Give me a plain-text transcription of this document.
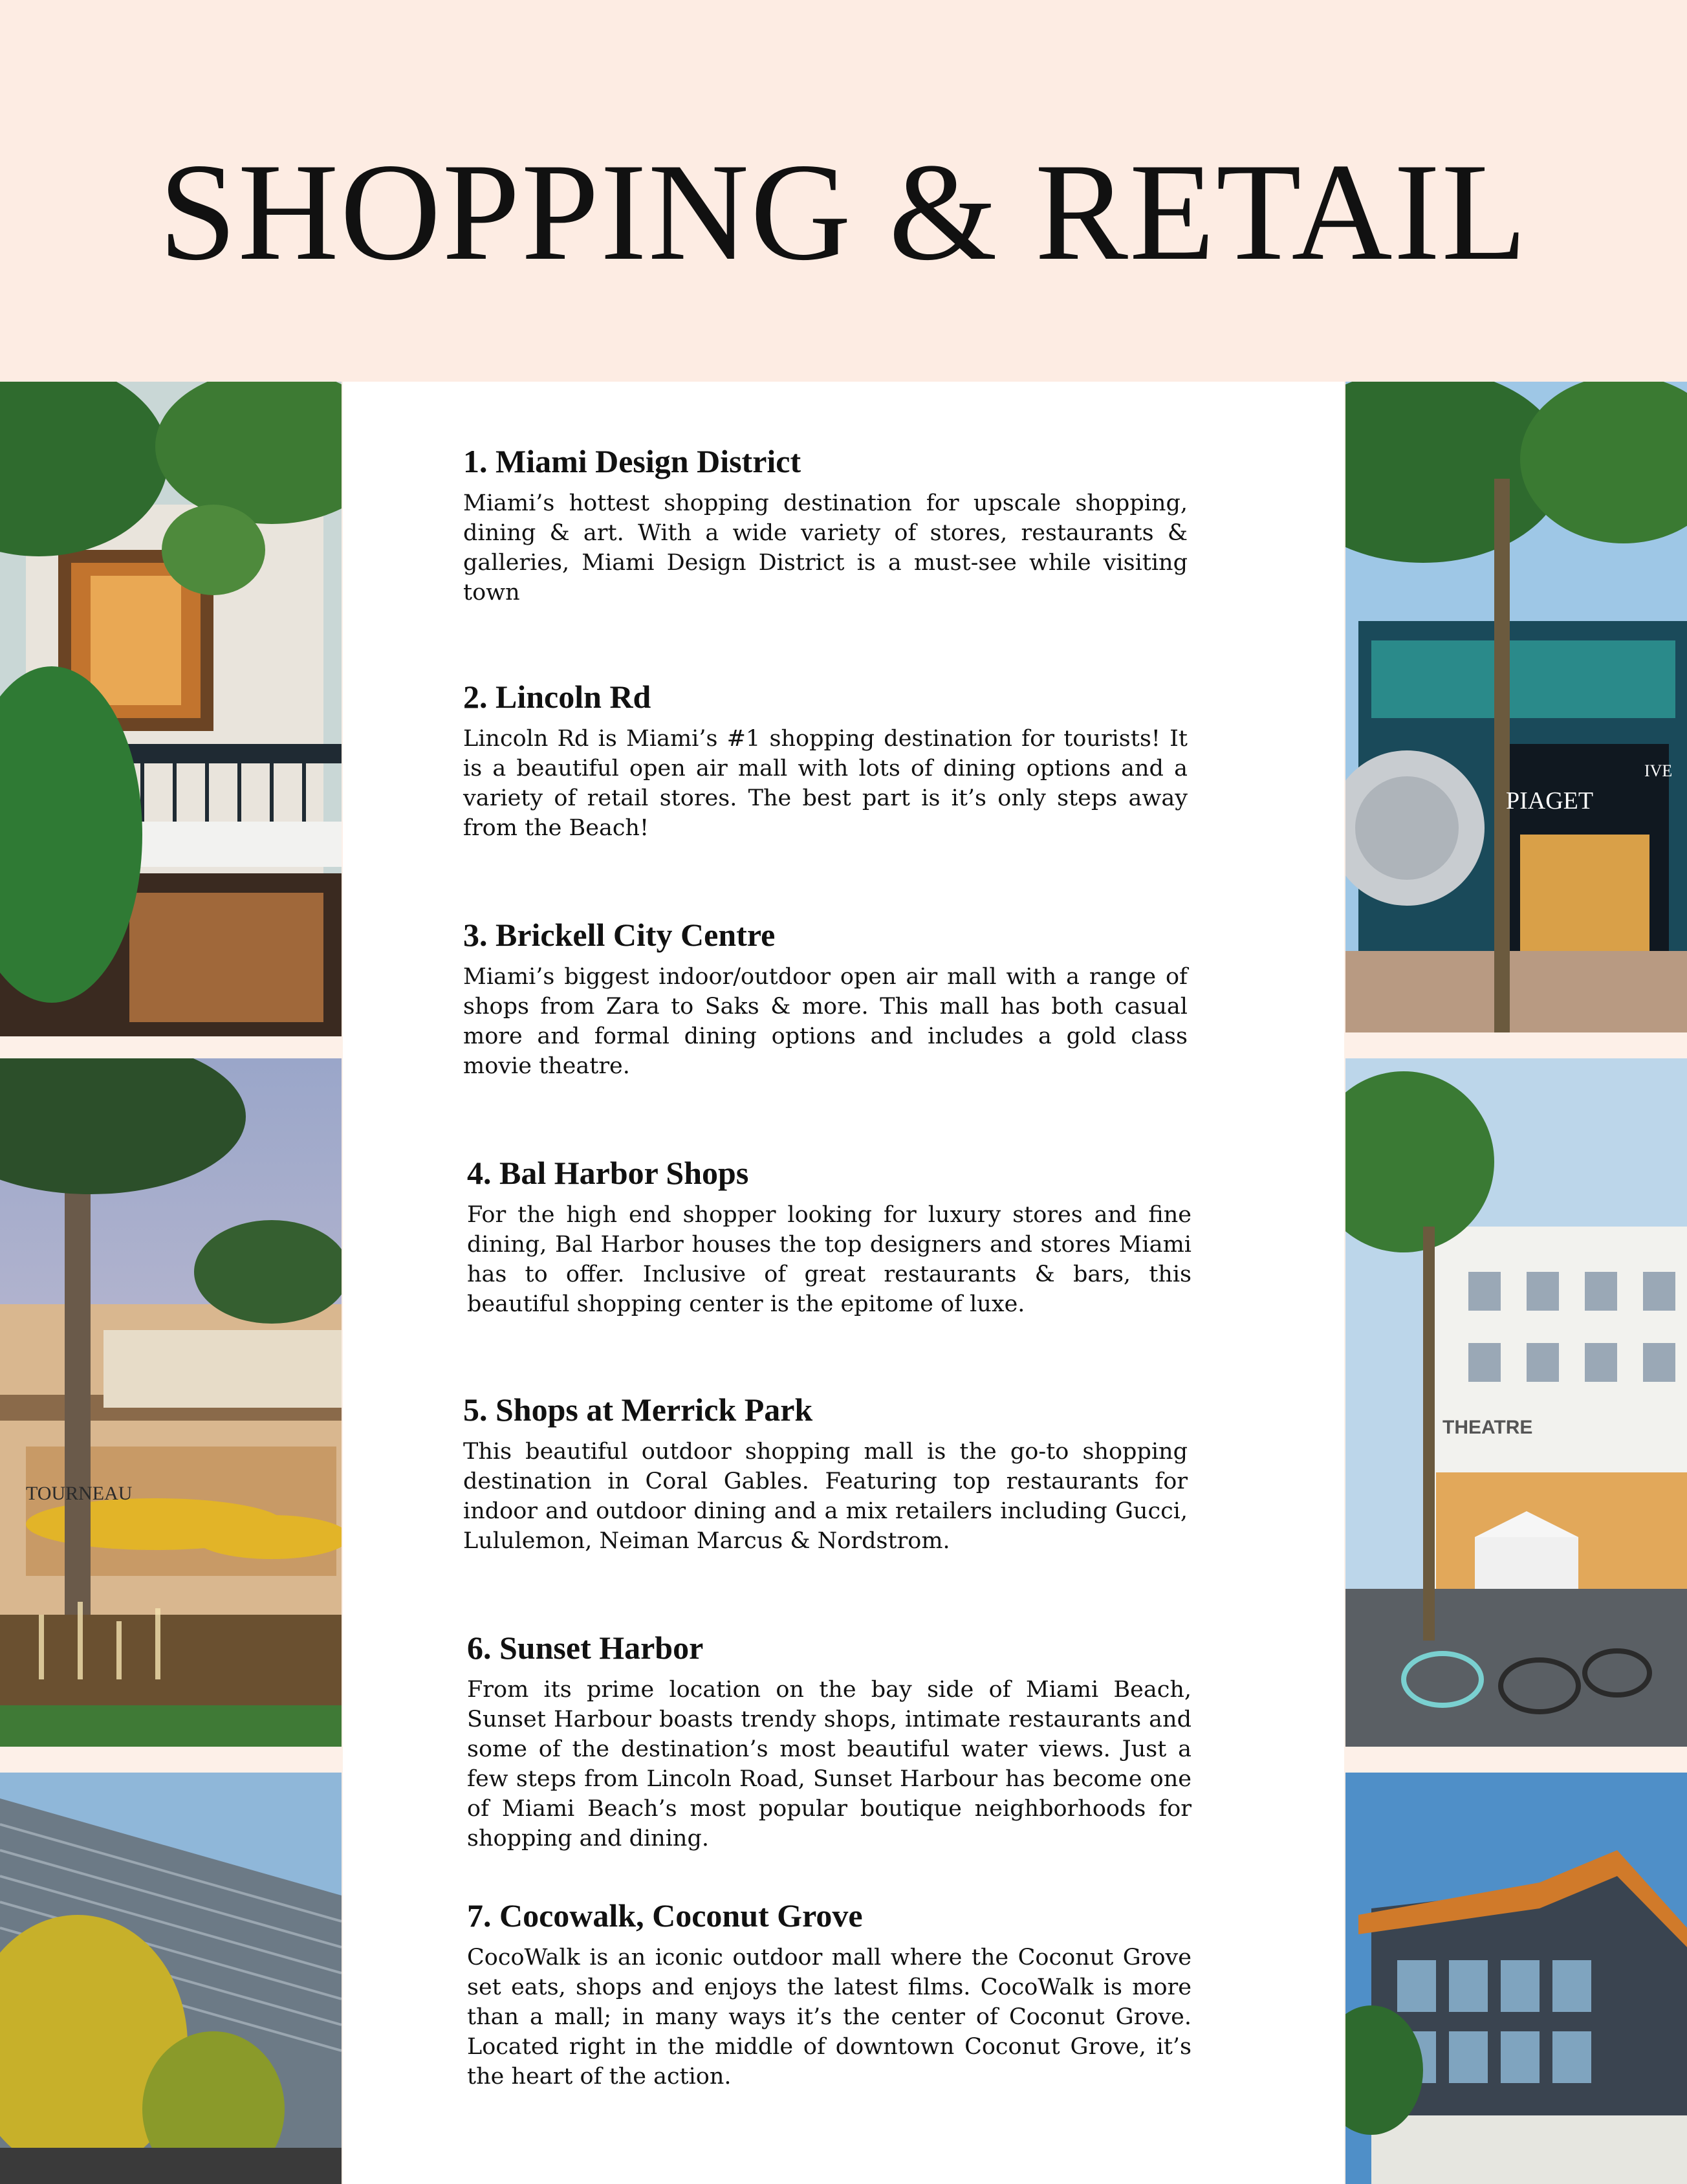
SHOPPING & RETAIL
TOURNEAU
PIAGET
IVE
THEATRE
1. Miami Design District

Miami’s hottest shopping destination for upscale shopping, dining & art. With a wide variety of stores, restaurants & galleries, Miami Design District is a must-see while visiting town

2. Lincoln Rd

Lincoln Rd is Miami’s #1 shopping destination for tourists! It is a beautiful open air mall with lots of dining options and a variety of retail stores. The best part is it’s only steps away from the Beach!

3. Brickell City Centre

Miami’s biggest indoor/outdoor open air mall with a range of shops from Zara to Saks & more. This mall has both casual more and formal dining options and includes a gold class movie theatre.

4. Bal Harbor Shops

For the high end shopper looking for luxury stores and fine dining, Bal Harbor houses the top designers and stores Miami has to offer. Inclusive of great restaurants & bars, this beautiful shopping center is the epitome of luxe.

5. Shops at Merrick Park

This beautiful outdoor shopping mall is the go-to shopping destination in Coral Gables. Featuring top restaurants for indoor and outdoor dining and a mix retailers including Gucci, Lululemon, Neiman Marcus & Nordstrom.

6. Sunset Harbor

From its prime location on the bay side of Miami Beach, Sunset Harbour boasts trendy shops, intimate restaurants and some of the destination’s most beautiful water views. Just a few steps from Lincoln Road, Sunset Harbour has become one of Miami Beach’s most popular boutique neighborhoods for shopping and dining.

7. Cocowalk, Coconut Grove

CocoWalk is an iconic outdoor mall where the Coconut Grove set eats, shops and enjoys the latest films. CocoWalk is more than a mall; in many ways it’s the center of Coconut Grove. Located right in the middle of downtown Coconut Grove, it’s the heart of the action.
